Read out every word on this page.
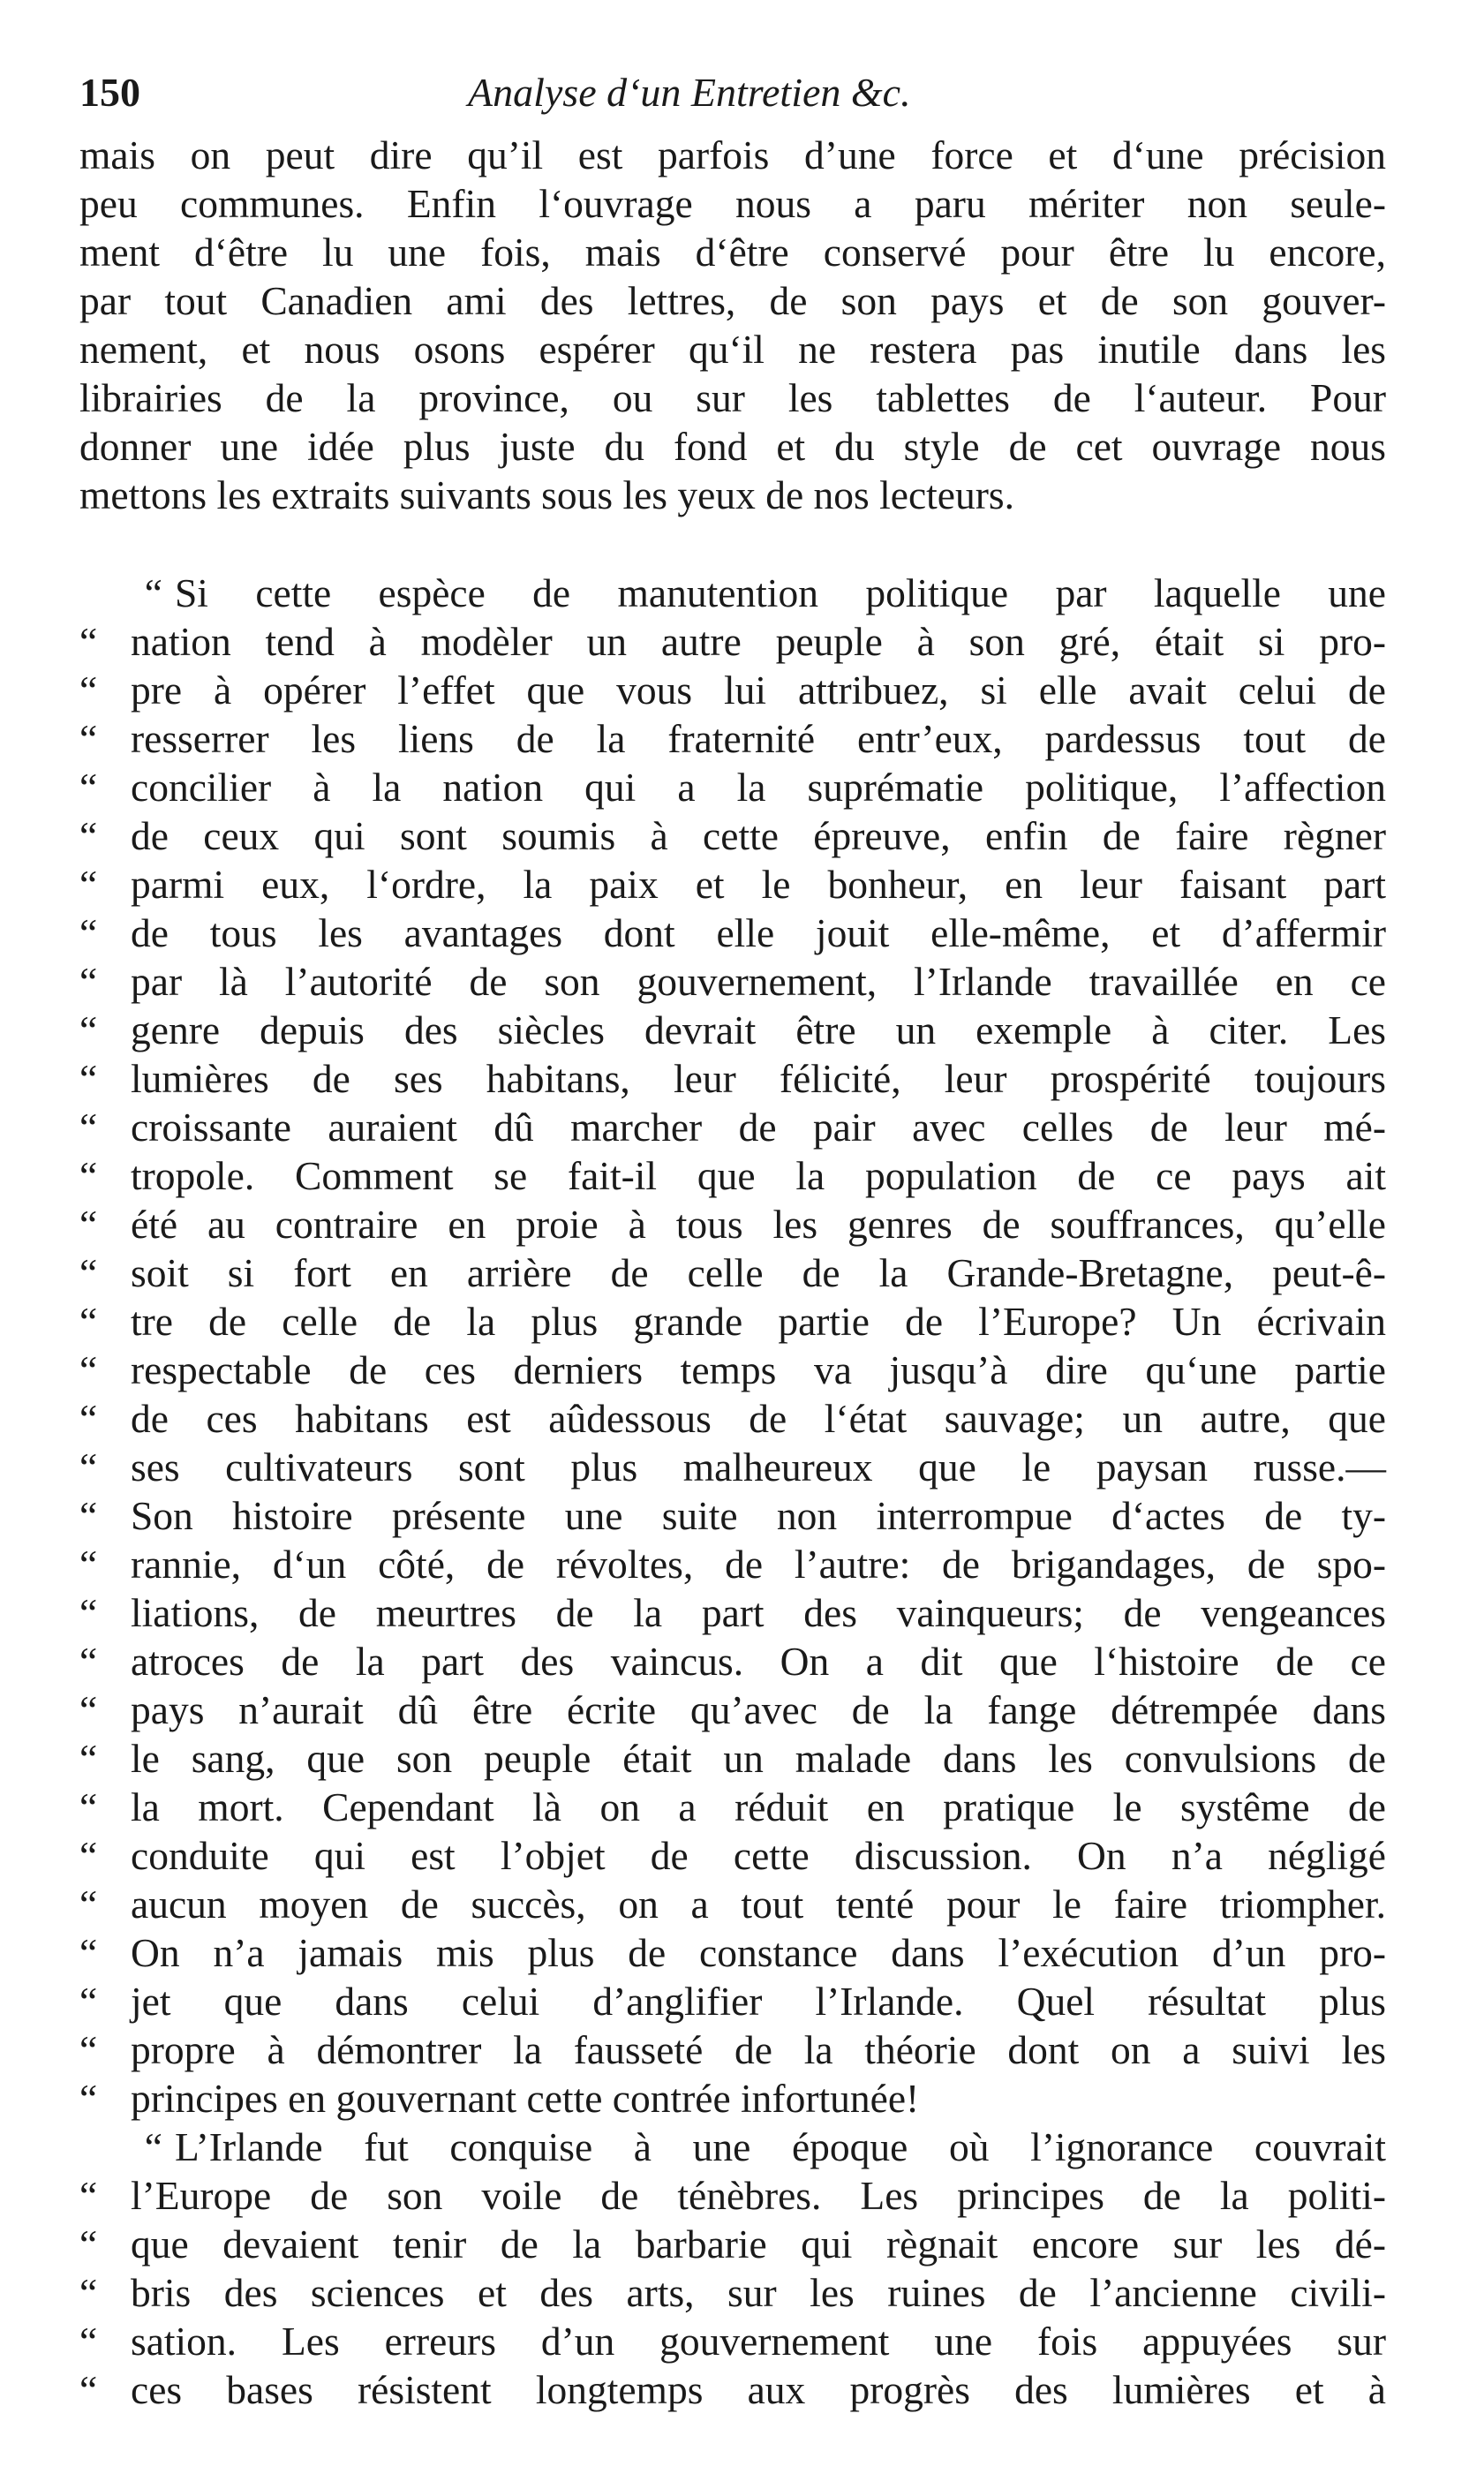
150	Analyse d‘un Entretien &c.
mais on peut dire qu’il est parfois d’une force et d‘une précision
peu communes. Enfin l‘ouvrage nous a paru mériter non seule-
ment d‘être lu une fois, mais d‘être conservé pour être lu encore,
par tout Canadien ami des lettres, de son pays et de son gouver-
nement, et nous osons espérer qu‘il ne restera pas inutile dans les
librairies de la province, ou sur les tablettes de l‘auteur. Pour
donner une idée plus juste du fond et du style de cet ouvrage nous
mettons les extraits suivants sous les yeux de nos lecteurs.
“ Si cette espèce de manutention politique par laquelle une
“ nation tend à modèler un autre peuple à son gré, était si pro-
“ pre à opérer l’effet que vous lui attribuez, si elle avait celui de
“ resserrer les liens de la fraternité entr’eux, pardessus tout de
“ concilier à la nation qui a la suprématie politique, l’affection
“ de ceux qui sont soumis à cette épreuve, enfin de faire règner
“ parmi eux, l‘ordre, la paix et le bonheur, en leur faisant part
“ de tous les avantages dont elle jouit elle-même, et d’affermir
“ par là l’autorité de son gouvernement, l’Irlande travaillée en ce
“ genre depuis des siècles devrait être un exemple à citer. Les
“ lumières de ses habitans, leur félicité, leur prospérité toujours
“ croissante auraient dû marcher de pair avec celles de leur mé-
“ tropole. Comment se fait-il que la population de ce pays ait
“ été au contraire en proie à tous les genres de souffrances, qu’elle
“ soit si fort en arrière de celle de la Grande-Bretagne, peut-ê-
“ tre de celle de la plus grande partie de l’Europe? Un écrivain
“ respectable de ces derniers temps va jusqu’à dire qu‘une partie
“ de ces habitans est aûdessous de l‘état sauvage; un autre, que
“ ses cultivateurs sont plus malheureux que le paysan russe.—
“ Son histoire présente une suite non interrompue d‘actes de ty-
“ rannie, d‘un côté, de révoltes, de l’autre: de brigandages, de spo-
“ liations, de meurtres de la part des vainqueurs; de vengeances
“ atroces de la part des vaincus. On a dit que l‘histoire de ce
“ pays n’aurait dû être écrite qu’avec de la fange détrempée dans
“ le sang, que son peuple était un malade dans les convulsions de
“ la mort. Cependant là on a réduit en pratique le systême de
“ conduite qui est l’objet de cette discussion. On n’a négligé
“ aucun moyen de succès, on a tout tenté pour le faire triompher.
“ On n’a jamais mis plus de constance dans l’exécution d’un pro-
“ jet que dans celui d’anglifier l’Irlande. Quel résultat plus
“ propre à démontrer la fausseté de la théorie dont on a suivi les
“ principes en gouvernant cette contrée infortunée!
“ L’Irlande fut conquise à une époque où l’ignorance couvrait
“ l’Europe de son voile de ténèbres. Les principes de la politi-
“ que devaient tenir de la barbarie qui règnait encore sur les dé-
“ bris des sciences et des arts, sur les ruines de l’ancienne civili-
“ sation. Les erreurs d’un gouvernement une fois appuyées sur
“ ces bases résistent longtemps aux progrès des lumières et à
